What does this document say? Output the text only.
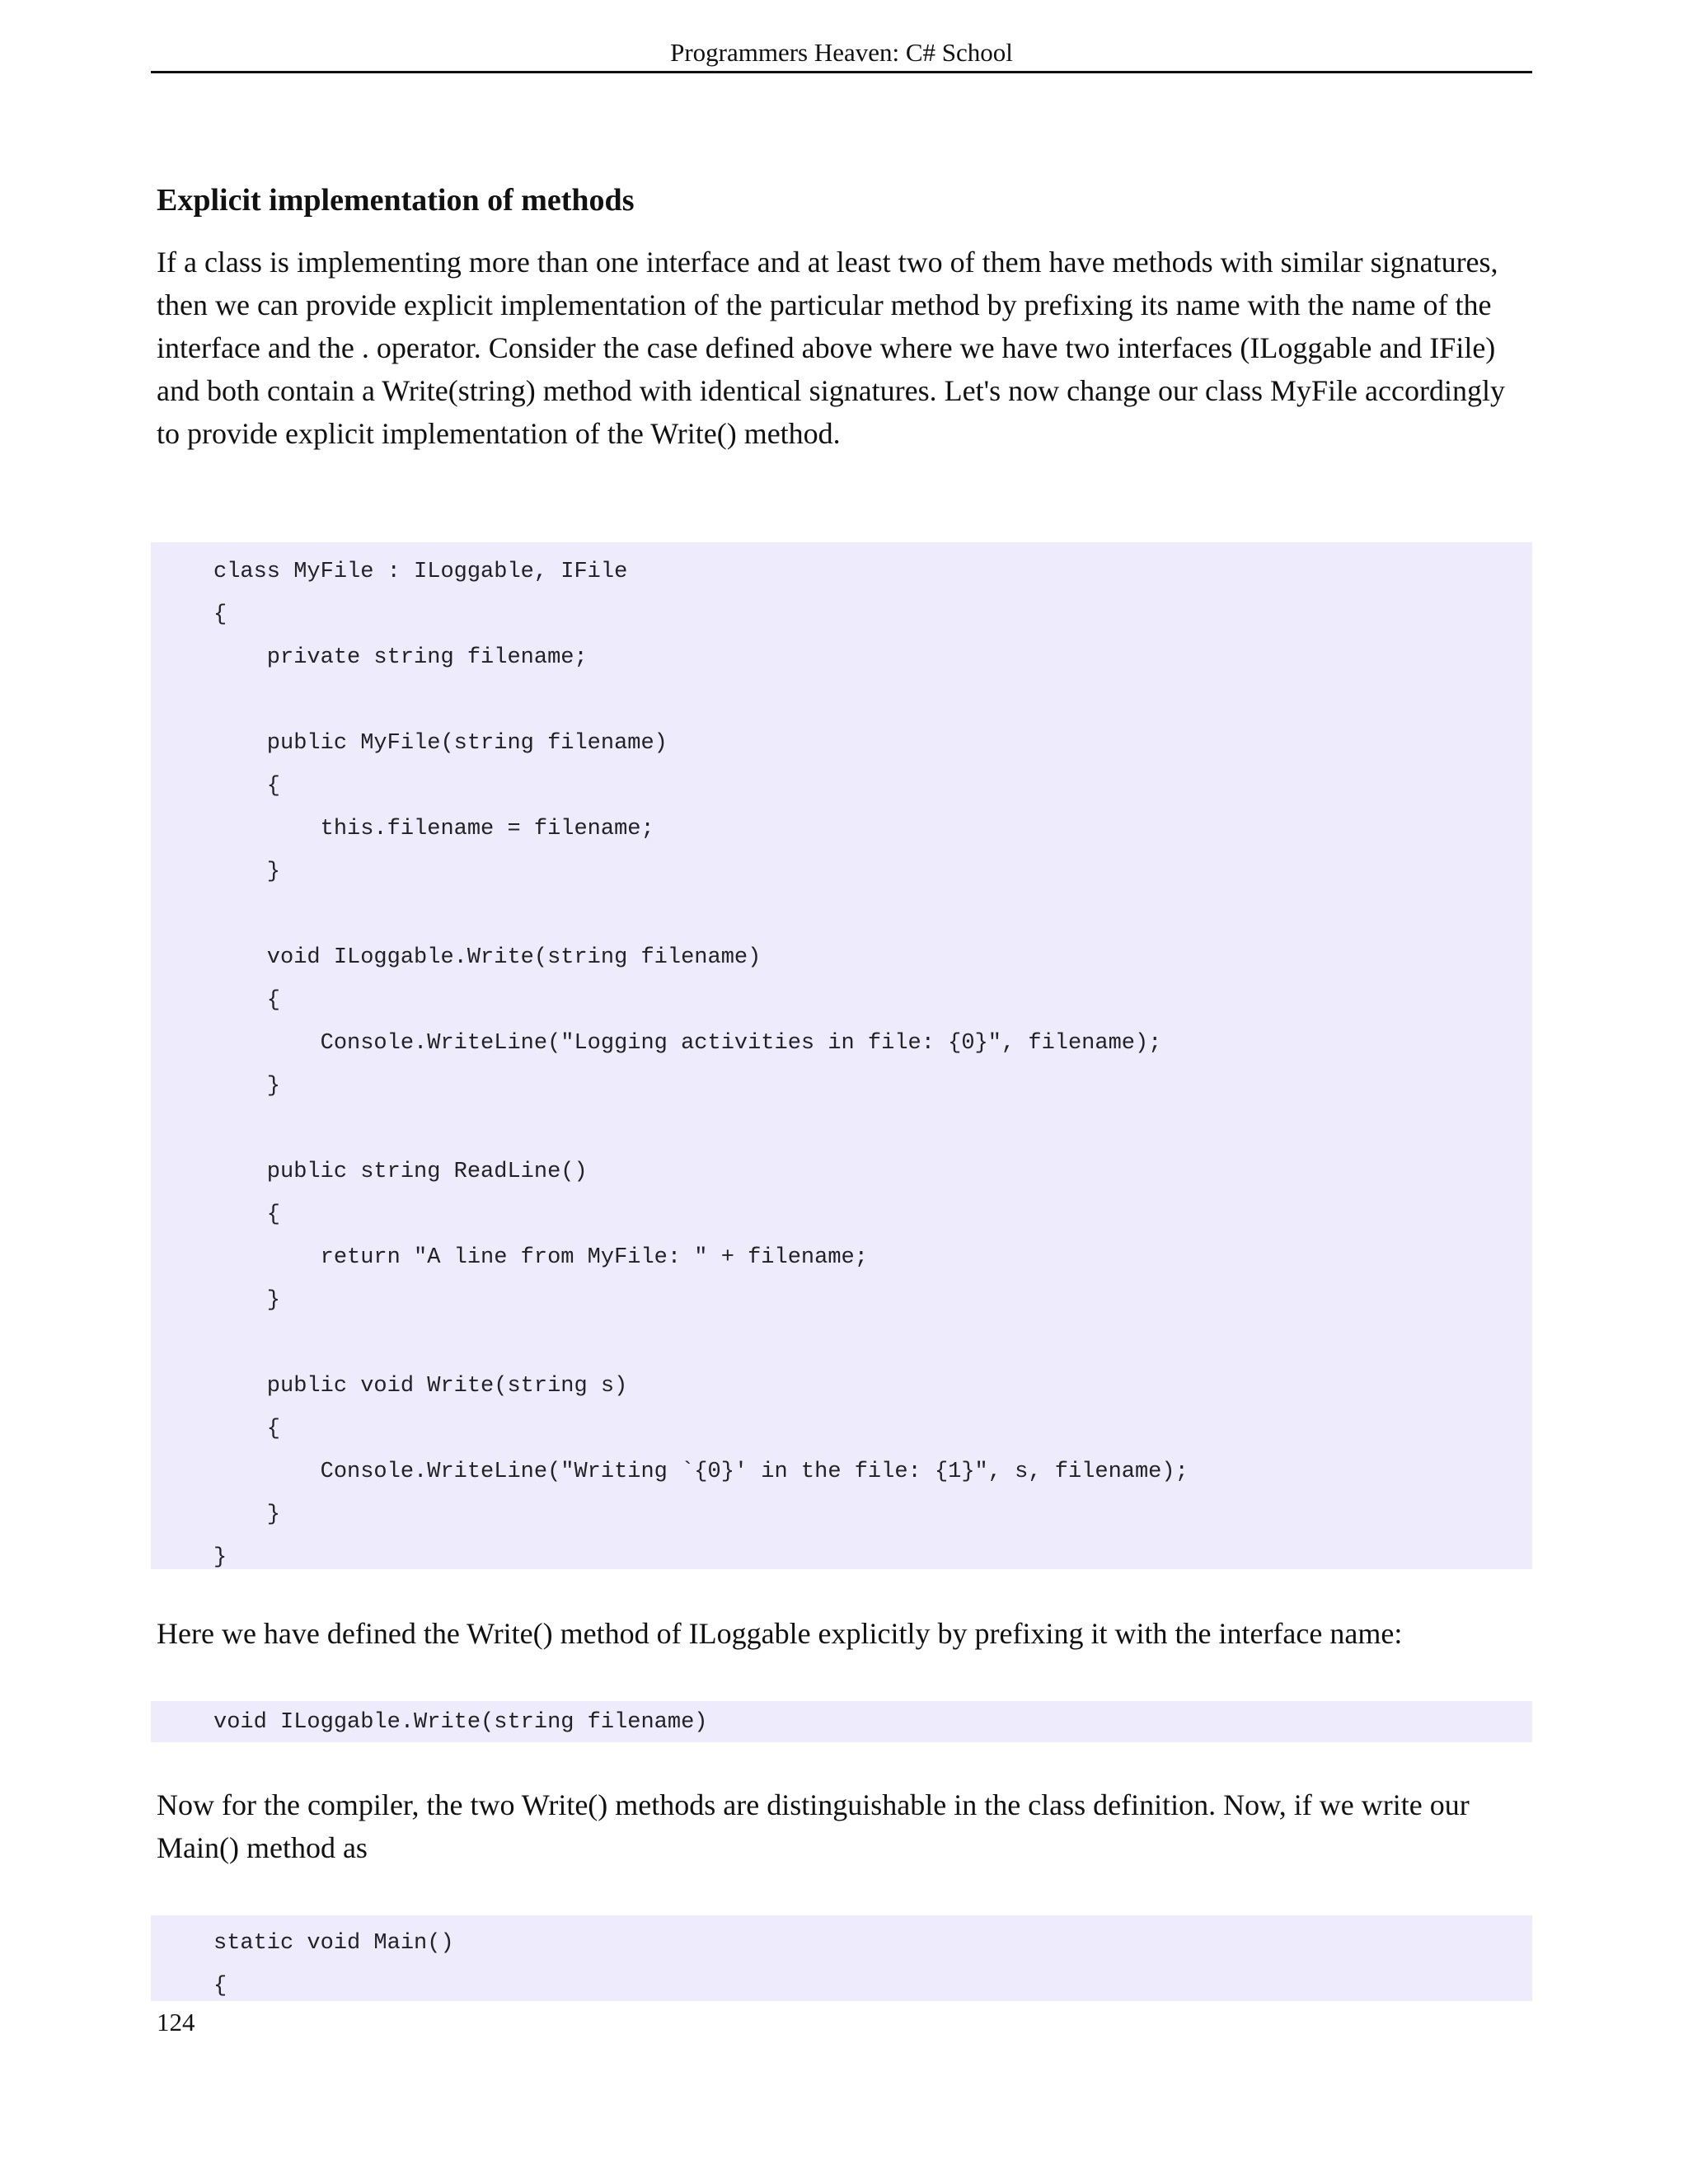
Programmers Heaven: C# School
Explicit implementation of methods

If a class is implementing more than one interface and at least two of them have methods with similar signatures,
then we can provide explicit implementation of the particular method by prefixing its name with the name of the
interface and the . operator. Consider the case defined above where we have two interfaces (ILoggable and IFile)
and both contain a Write(string) method with identical signatures. Let's now change our class MyFile accordingly
to provide explicit implementation of the Write() method.

class MyFile : ILoggable, IFile
{
private string filename;
public MyFile(string filename)
{
this.filename = filename;
}
void ILoggable.Write(string filename)
{
Console.WriteLine("Logging activities in file: {0}", filename);
}
public string ReadLine()
{
return "A line from MyFile: " + filename;
}
public void Write(string s)
{
Console.WriteLine("Writing `{0}' in the file: {1}", s, filename);
}
}

Here we have defined the Write() method of ILoggable explicitly by prefixing it with the interface name:

void ILoggable.Write(string filename)

Now for the compiler, the two Write() methods are distinguishable in the class definition. Now, if we write our
Main() method as

static void Main()
{
124
